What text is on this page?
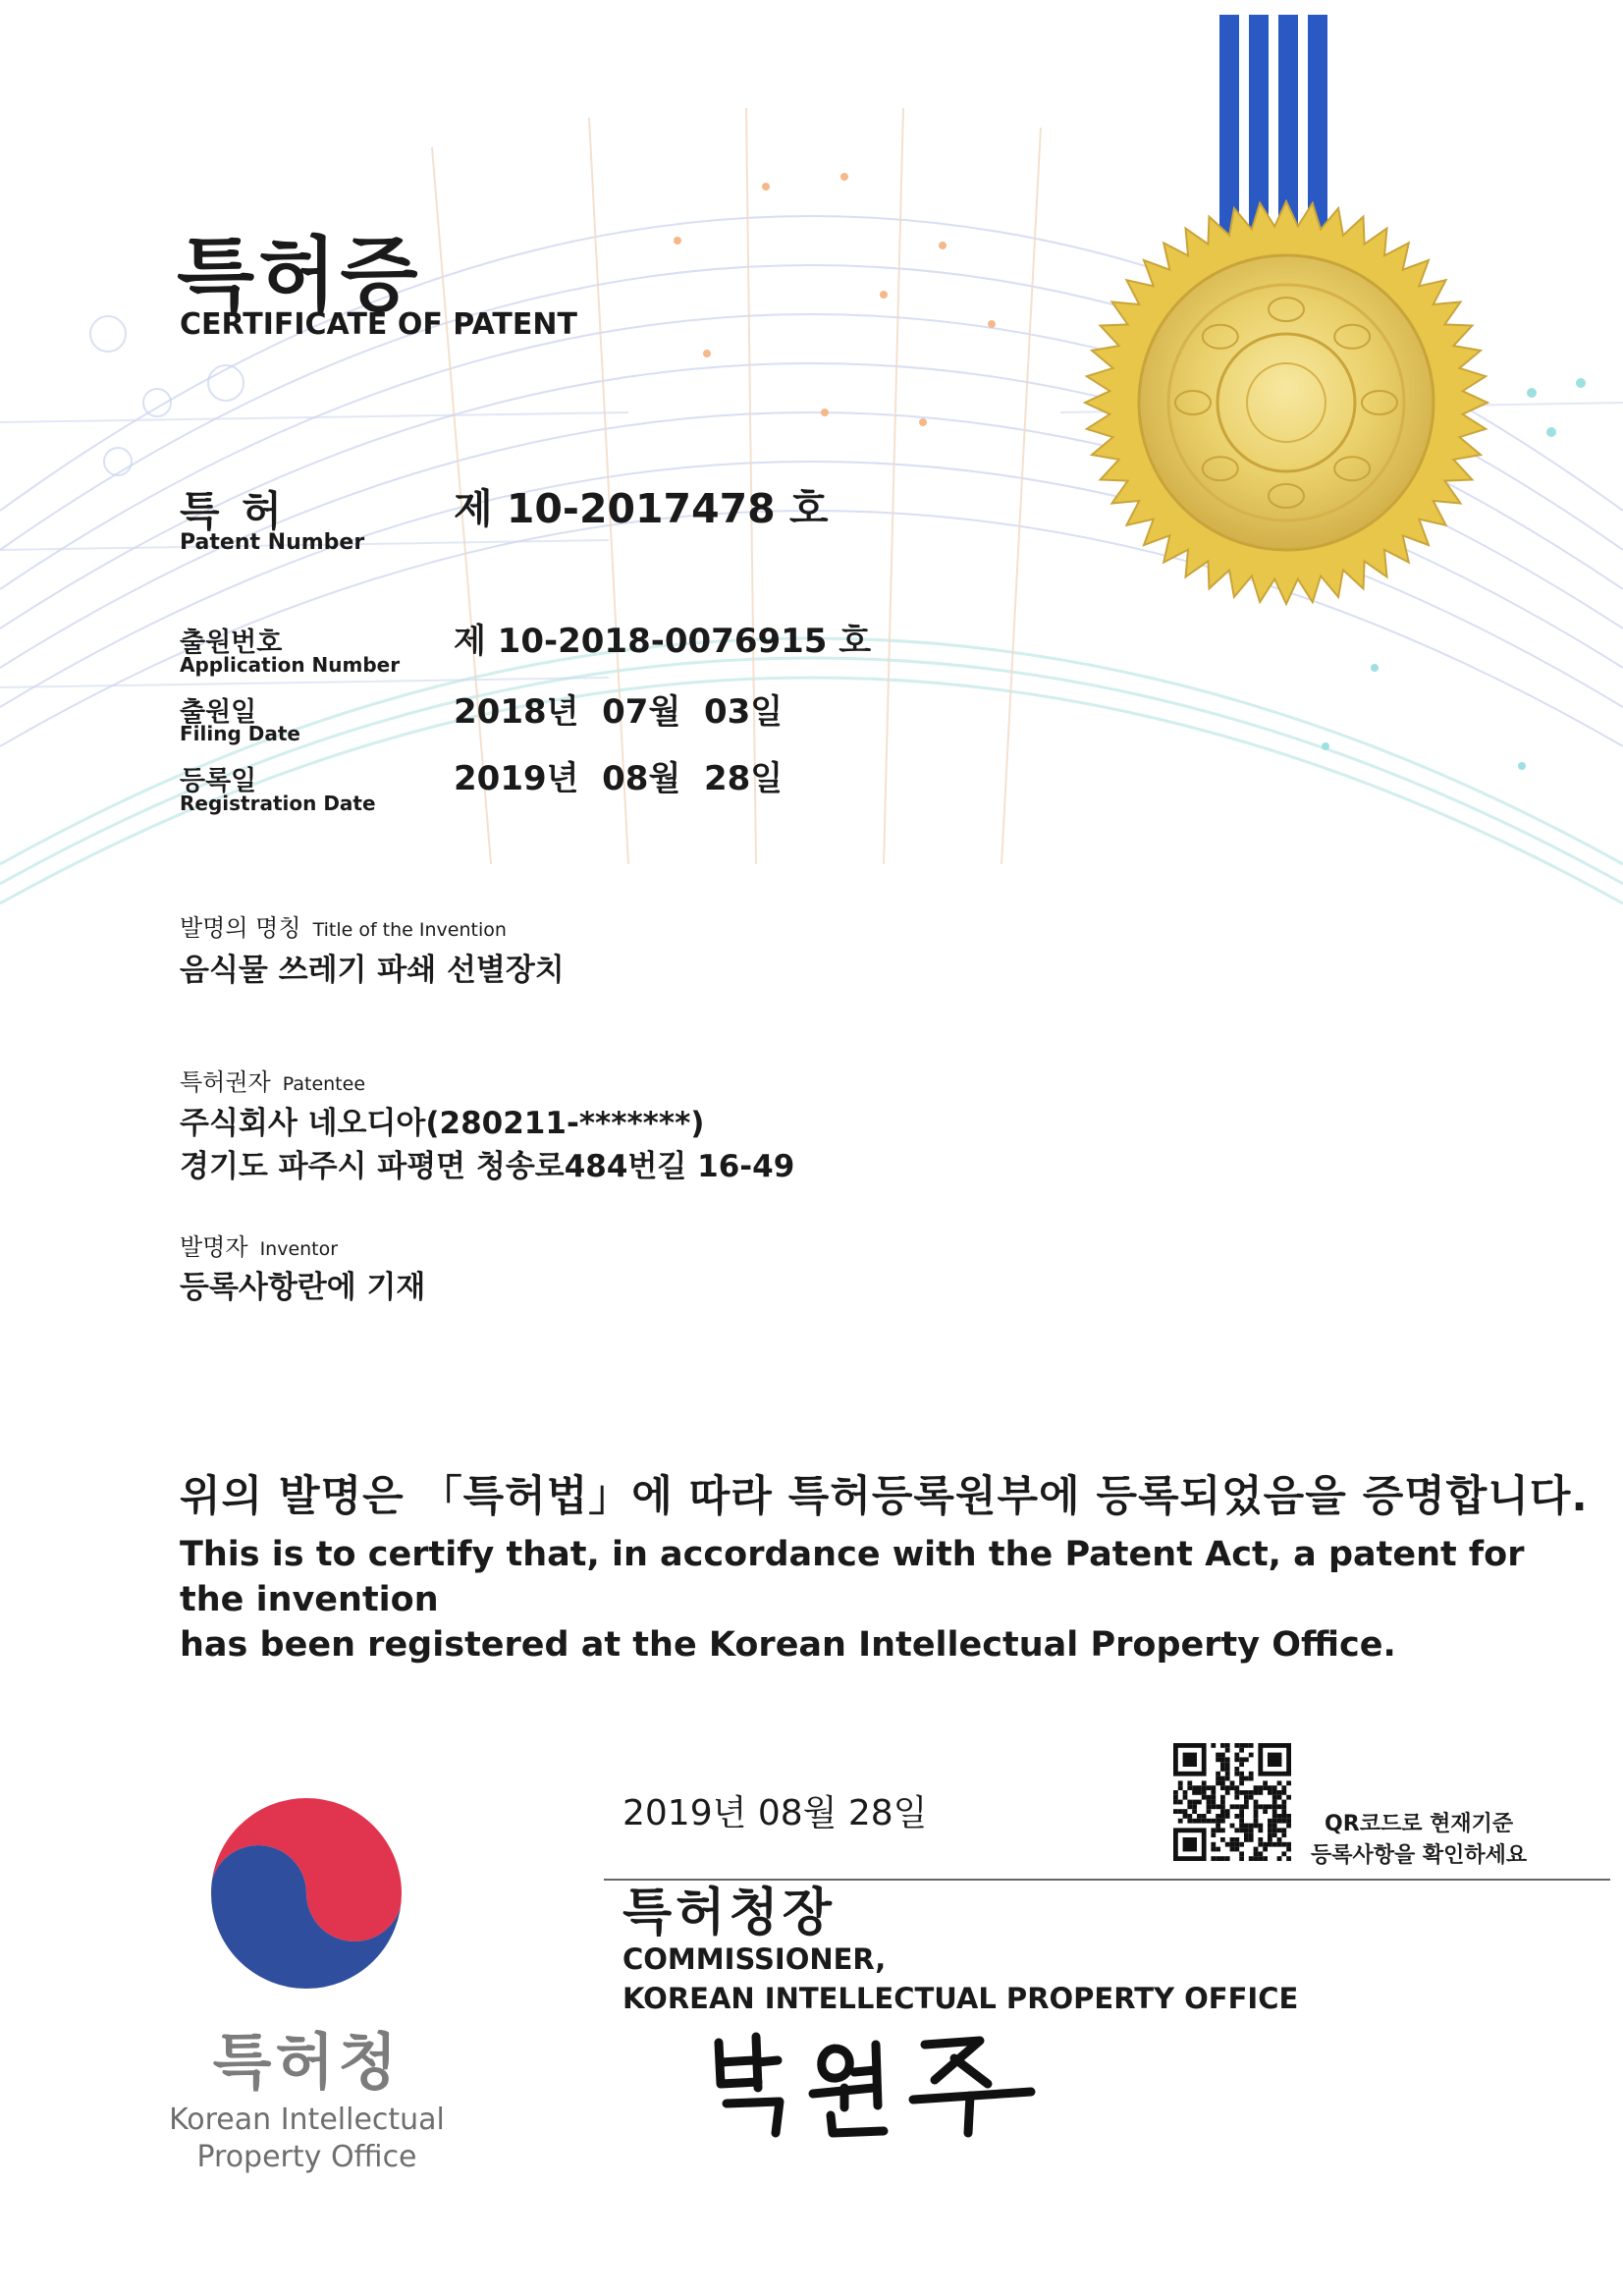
특허증
CERTIFICATE OF PATENT
특 허
Patent Number
제 10-2017478 호
출원번호
Application Number
제 10-2018-0076915 호
출원일
Filing Date
2018년  07월  03일
등록일
Registration Date
2019년  08월  28일
발명의 명칭 Title of the Invention
음식물 쓰레기 파쇄 선별장치
특허권자 Patentee
주식회사 네오디아(280211-*******)
경기도 파주시 파평면 청송로484번길 16-49
발명자 Inventor
등록사항란에 기재
위의 발명은 「특허법」에 따라 특허등록원부에 등록되었음을 증명합니다.
This is to certify that, in accordance with the Patent Act, a patent for the invention
has been registered at the Korean Intellectual Property Office.
2019년 08월 28일	QR코드로 현재기준
등록사항을 확인하세요
특허청장
COMMISSIONER,
KOREAN INTELLECTUAL PROPERTY OFFICE
특허청
Korean Intellectual
Property Office
